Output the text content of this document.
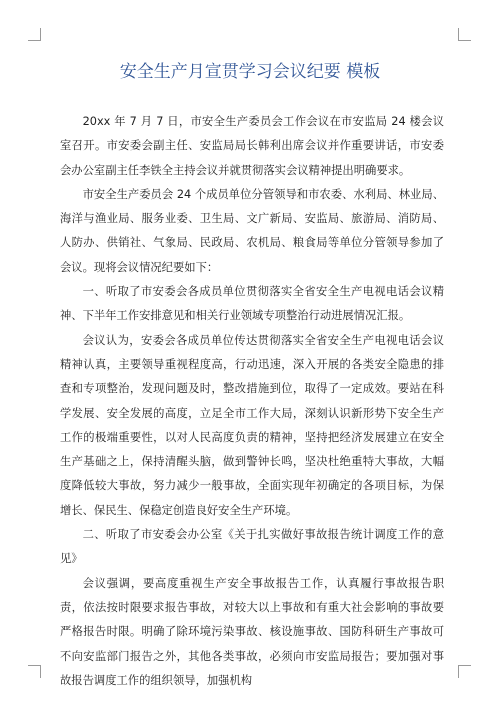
安全生产月宣贯学习会议纪要 模板

20xx 年 7 月 7 日，市安全生产委员会工作会议在市安监局 24 楼会议室召开。市安委会副主任、安监局局长韩利出席会议并作重要讲话，市安委会办公室副主任李铁全主持会议并就贯彻落实会议精神提出明确要求。

市安全生产委员会 24 个成员单位分管领导和市农委、水利局、林业局、海洋与渔业局、服务业委、卫生局、文广新局、安监局、旅游局、消防局、人防办、供销社、气象局、民政局、农机局、粮食局等单位分管领导参加了会议。现将会议情况纪要如下：

一、听取了市安委会各成员单位贯彻落实全省安全生产电视电话会议精神、下半年工作安排意见和相关行业领域专项整治行动进展情况汇报。

会议认为，安委会各成员单位传达贯彻落实全省安全生产电视电话会议精神认真，主要领导重视程度高，行动迅速，深入开展的各类安全隐患的排查和专项整治，发现问题及时，整改措施到位，取得了一定成效。要站在科学发展、安全发展的高度，立足全市工作大局，深刻认识新形势下安全生产工作的极端重要性，以对人民高度负责的精神，坚持把经济发展建立在安全生产基础之上，保持清醒头脑，做到警钟长鸣，坚决杜绝重特大事故，大幅度降低较大事故，努力减少一般事故，全面实现年初确定的各项目标，为保增长、保民生、保稳定创造良好安全生产环境。

二、听取了市安委会办公室《关于扎实做好事故报告统计调度工作的意见》

会议强调，要高度重视生产安全事故报告工作，认真履行事故报告职责，依法按时限要求报告事故，对较大以上事故和有重大社会影响的事故要严格报告时限。明确了除环境污染事故、核设施事故、国防科研生产事故可不向安监部门报告之外，其他各类事故，必须向市安监局报告；要加强对事故报告调度工作的组织领导，加强机构
